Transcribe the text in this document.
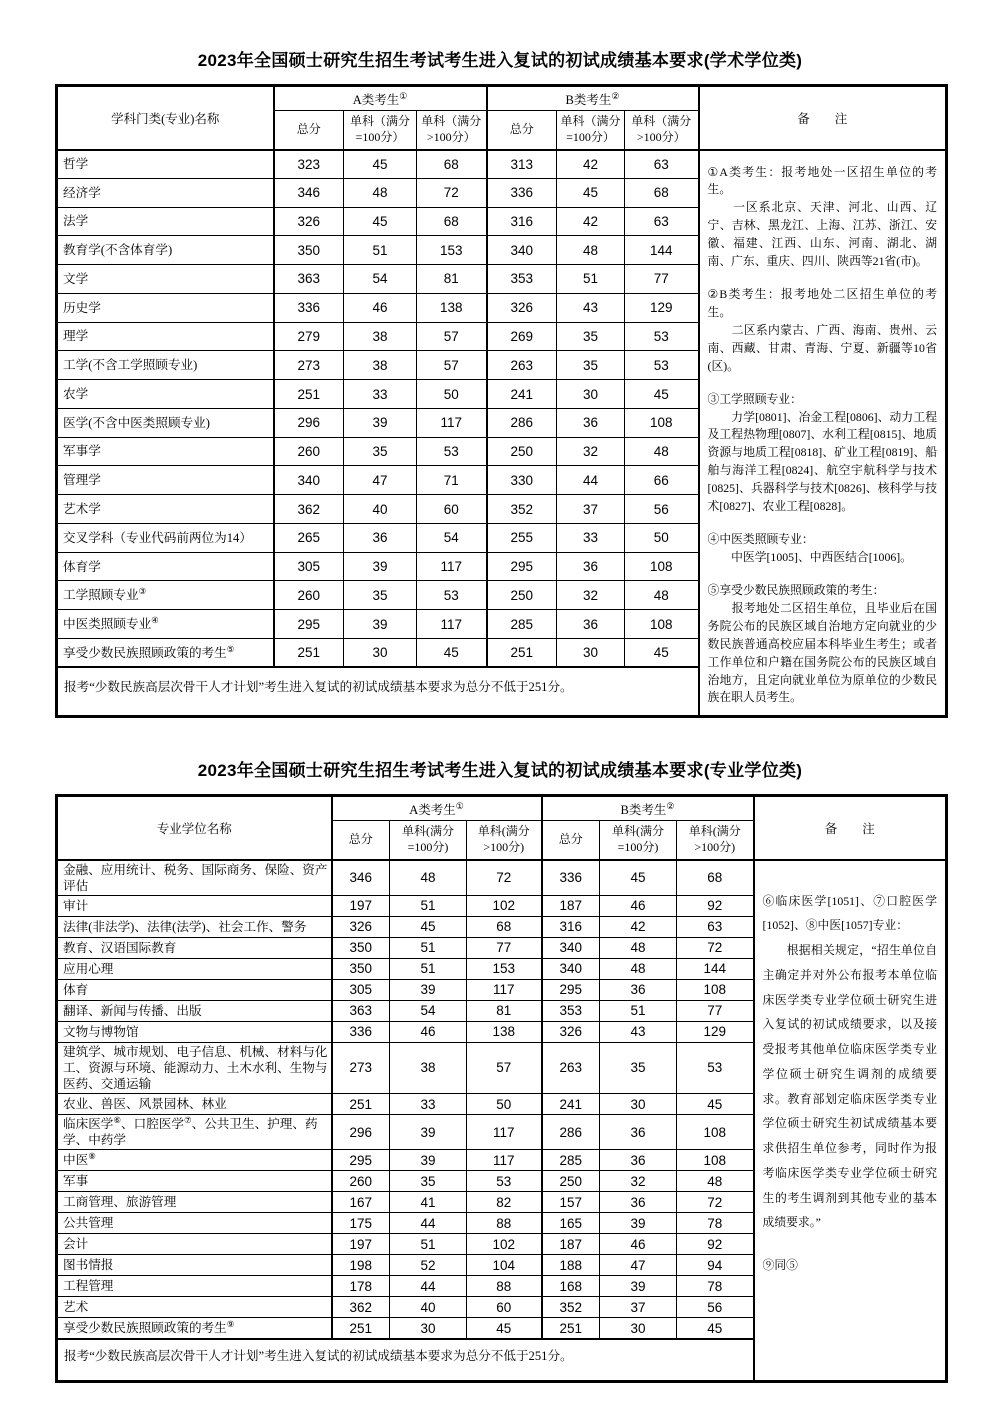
2023年全国硕士研究生招生考试考生进入复试的初试成绩基本要求(学术学位类)
学科门类(专业)名称	A类考生①			B类考生②			备　　注
	总分	单科（满分=100分）	单科（满分>100分）	总分	单科（满分=100分）	单科（满分>100分）	
哲学	323	45	68	313	42	63	①A类考生：报考地处一区招生单位的考生。

　　一区系北京、天津、河北、山西、辽宁、吉林、黑龙江、上海、江苏、浙江、安徽、福建、江西、山东、河南、湖北、湖南、广东、重庆、四川、陕西等21省(市)。

②B类考生：报考地处二区招生单位的考生。

　　二区系内蒙古、广西、海南、贵州、云南、西藏、甘肃、青海、宁夏、新疆等10省(区)。

③工学照顾专业：

　　力学[0801]、冶金工程[0806]、动力工程及工程热物理[0807]、水利工程[0815]、地质资源与地质工程[0818]、矿业工程[0819]、船舶与海洋工程[0824]、航空宇航科学与技术[0825]、兵器科学与技术[0826]、核科学与技术[0827]、农业工程[0828]。

④中医类照顾专业：

　　中医学[1005]、中西医结合[1006]。

⑤享受少数民族照顾政策的考生：

　　报考地处二区招生单位，且毕业后在国务院公布的民族区域自治地方定向就业的少数民族普通高校应届本科毕业生考生；或者工作单位和户籍在国务院公布的民族区域自治地方，且定向就业单位为原单位的少数民族在职人员考生。

经济学	346	48	72	336	45	68	
法学	326	45	68	316	42	63	
教育学(不含体育学)	350	51	153	340	48	144	
文学	363	54	81	353	51	77	
历史学	336	46	138	326	43	129	
理学	279	38	57	269	35	53	
工学(不含工学照顾专业)	273	38	57	263	35	53	
农学	251	33	50	241	30	45	
医学(不含中医类照顾专业)	296	39	117	286	36	108	
军事学	260	35	53	250	32	48	
管理学	340	47	71	330	44	66	
艺术学	362	40	60	352	37	56	
交叉学科（专业代码前两位为14）	265	36	54	255	33	50	
体育学	305	39	117	295	36	108	
工学照顾专业③	260	35	53	250	32	48	
中医类照顾专业④	295	39	117	285	36	108	
享受少数民族照顾政策的考生⑤	251	30	45	251	30	45	
报考“少数民族高层次骨干人才计划”考生进入复试的初试成绩基本要求为总分不低于251分。							
2023年全国硕士研究生招生考试考生进入复试的初试成绩基本要求(专业学位类)
专业学位名称	A类考生①			B类考生②			备　　注
	总分	单科(满分=100分)	单科(满分>100分)	总分	单科(满分=100分)	单科(满分>100分)	
金融、应用统计、税务、国际商务、保险、资产评估	346	48	72	336	45	68	⑥临床医学[1051]、⑦口腔医学[1052]、⑧中医[1057]专业：

　　根据相关规定，“招生单位自主确定并对外公布报考本单位临床医学类专业学位硕士研究生进入复试的初试成绩要求，以及接受报考其他单位临床医学类专业学位硕士研究生调剂的成绩要求。教育部划定临床医学类专业学位硕士研究生初试成绩基本要求供招生单位参考，同时作为报考临床医学类专业学位硕士研究生的考生调剂到其他专业的基本成绩要求。”

⑨同⑤

审计	197	51	102	187	46	92	
法律(非法学)、法律(法学)、社会工作、警务	326	45	68	316	42	63	
教育、汉语国际教育	350	51	77	340	48	72	
应用心理	350	51	153	340	48	144	
体育	305	39	117	295	36	108	
翻译、新闻与传播、出版	363	54	81	353	51	77	
文物与博物馆	336	46	138	326	43	129	
建筑学、城市规划、电子信息、机械、材料与化工、资源与环境、能源动力、土木水利、生物与医药、交通运输	273	38	57	263	35	53	
农业、兽医、风景园林、林业	251	33	50	241	30	45	
临床医学⑥、口腔医学⑦、公共卫生、护理、药学、中药学	296	39	117	286	36	108	
中医⑧	295	39	117	285	36	108	
军事	260	35	53	250	32	48	
工商管理、旅游管理	167	41	82	157	36	72	
公共管理	175	44	88	165	39	78	
会计	197	51	102	187	46	92	
图书情报	198	52	104	188	47	94	
工程管理	178	44	88	168	39	78	
艺术	362	40	60	352	37	56	
享受少数民族照顾政策的考生⑨	251	30	45	251	30	45	
报考“少数民族高层次骨干人才计划”考生进入复试的初试成绩基本要求为总分不低于251分。							
